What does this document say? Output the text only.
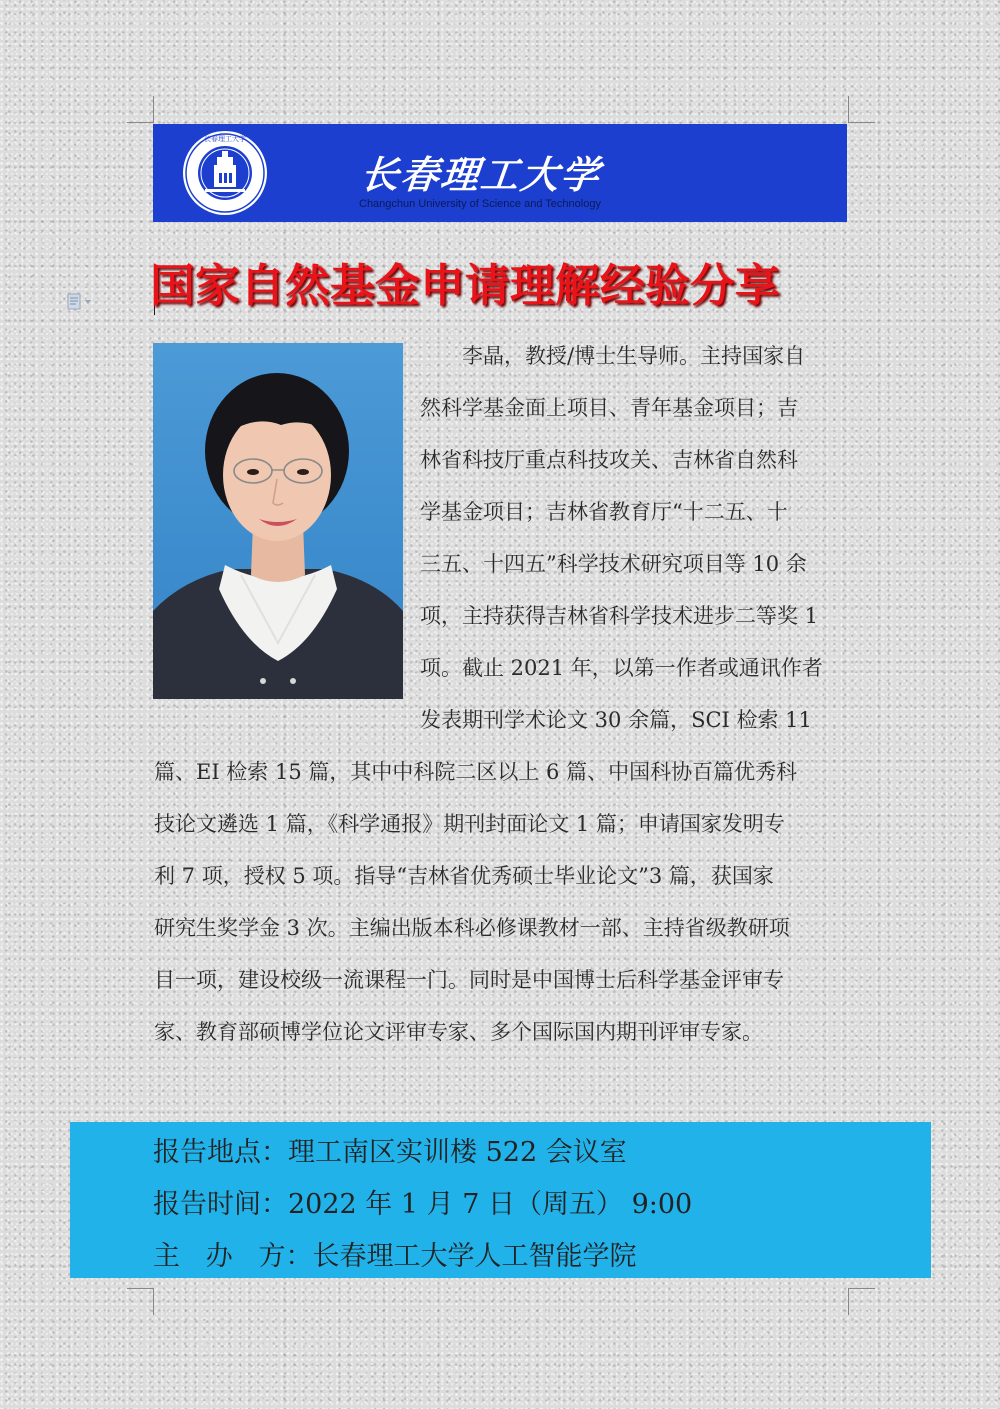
长春理工大学
长春理工大学
Changchun University of Science and Technology
国家自然基金申请理解经验分享
李晶，教授/博士生导师。主持国家自
然科学基金面上项目、青年基金项目；吉
林省科技厅重点科技攻关、吉林省自然科
学基金项目；吉林省教育厅“十二五、十
三五、十四五”科学技术研究项目等 10 余
项，主持获得吉林省科学技术进步二等奖 1
项。截止 2021 年，以第一作者或通讯作者
发表期刊学术论文 30 余篇，SCI 检索 11
篇、EI 检索 15 篇，其中中科院二区以上 6 篇、中国科协百篇优秀科
技论文遴选 1 篇，《科学通报》期刊封面论文 1 篇；申请国家发明专
利 7 项，授权 5 项。指导“吉林省优秀硕士毕业论文”3 篇，获国家
研究生奖学金 3 次。主编出版本科必修课教材一部、主持省级教研项
目一项，建设校级一流课程一门。同时是中国博士后科学基金评审专
家、教育部硕博学位论文评审专家、多个国际国内期刊评审专家。
报告地点：理工南区实训楼 522 会议室
报告时间：2022 年 1 月 7 日（周五） 9:00
主   办   方：长春理工大学人工智能学院
